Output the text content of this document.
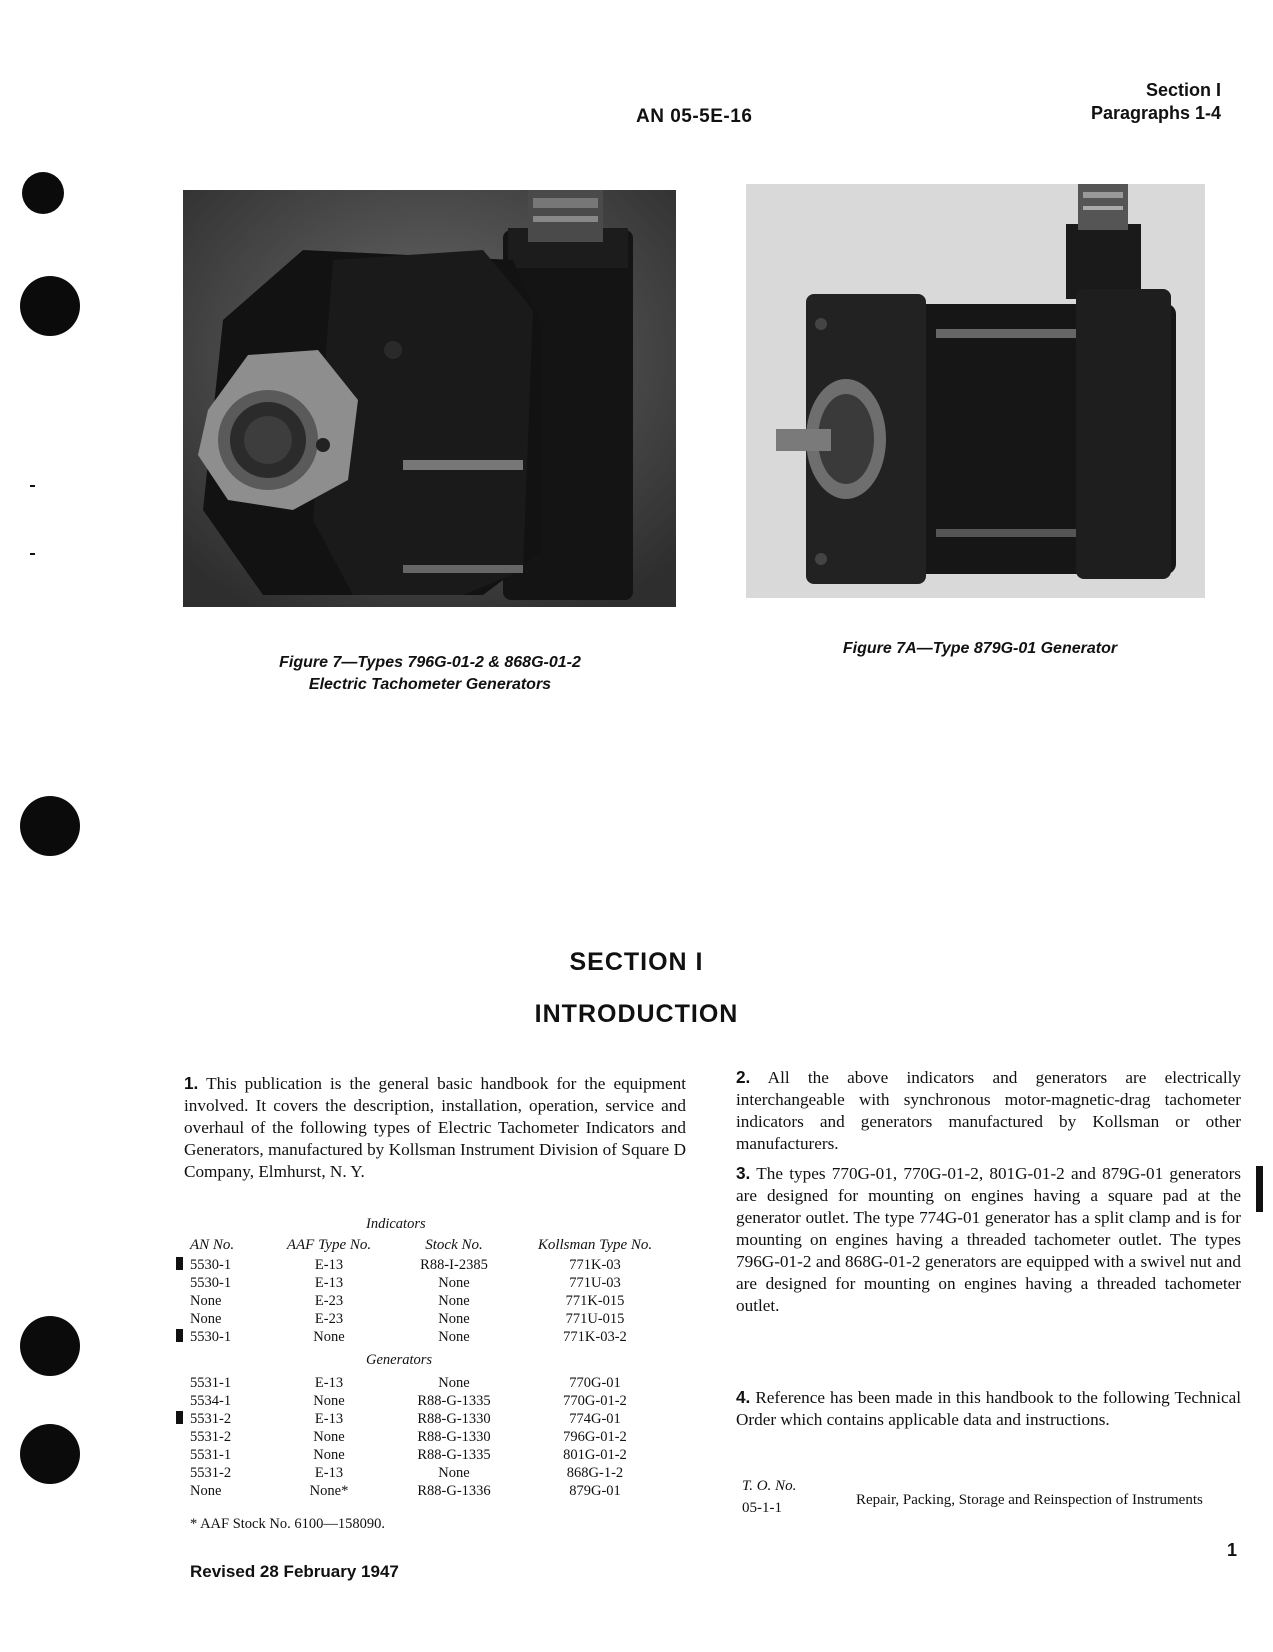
AN 05-5E-16
Section I
Paragraphs 1-4
Figure 7—Types 796G-01-2 & 868G-01-2
Electric Tachometer Generators
Figure 7A—Type 879G-01 Generator
SECTION I
INTRODUCTION
1. This publication is the general basic handbook for the equipment involved. It covers the description, installation, operation, service and overhaul of the following types of Electric Tachometer Indicators and Generators, manufactured by Kollsman Instrument Division of Square D Company, Elmhurst, N. Y.
Indicators			
AN No.	AAF Type No.	Stock No.	Kollsman Type No.
5530-1	E-13	R88-I-2385	771K-03
5530-1	E-13	None	771U-03
None	E-23	None	771K-015
None	E-23	None	771U-015
5530-1	None	None	771K-03-2
Generators			
5531-1	E-13	None	770G-01
5534-1	None	R88-G-1335	770G-01-2
5531-2	E-13	R88-G-1330	774G-01
5531-2	None	R88-G-1330	796G-01-2
5531-1	None	R88-G-1335	801G-01-2
5531-2	E-13	None	868G-1-2
None	None*	R88-G-1336	879G-01
* AAF Stock No. 6100—158090.
2. All the above indicators and generators are electrically interchangeable with synchronous motor-magnetic-drag tachometer indicators and generators manufactured by Kollsman or other manufacturers.
3. The types 770G-01, 770G-01-2, 801G-01-2 and 879G-01 generators are designed for mounting on engines having a square pad at the generator outlet. The type 774G-01 generator has a split clamp and is for mounting on engines having a threaded tachometer outlet. The types 796G-01-2 and 868G-01-2 generators are equipped with a swivel nut and are designed for mounting on engines having a threaded tachometer outlet.
4. Reference has been made in this handbook to the following Technical Order which contains applicable data and instructions.
T. O. No.
05-1-1	Repair, Packing, Storage and Reinspection of Instruments
Revised 28 February 1947
1
